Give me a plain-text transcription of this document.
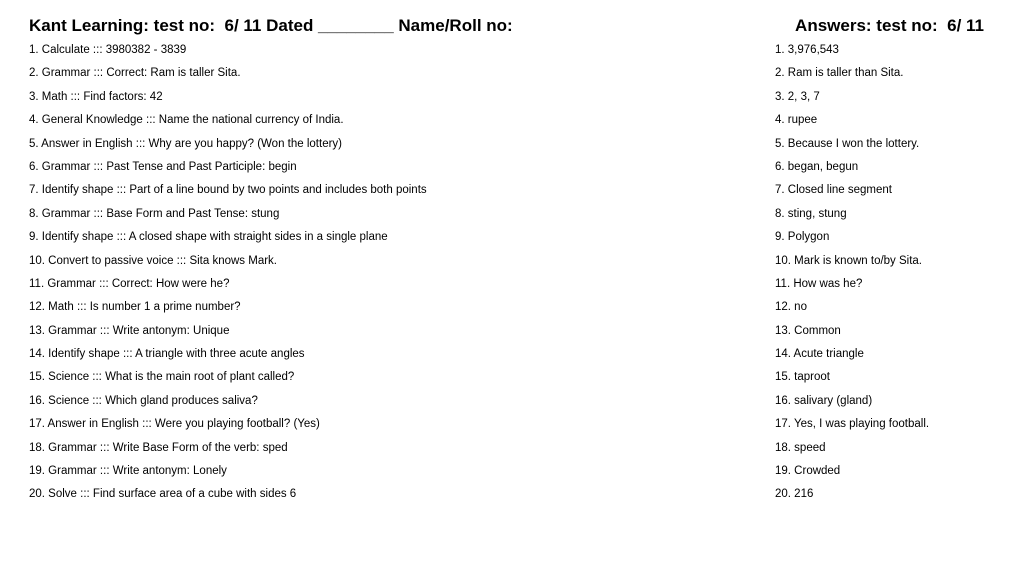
Kant Learning: test no:  6/ 11 Dated ________ Name/Roll no:	Answers: test no:  6/ 11
1. Calculate ::: 3980382 - 3839
2. Grammar ::: Correct: Ram is taller Sita.
3. Math ::: Find factors: 42
4. General Knowledge ::: Name the national currency of India.
5. Answer in English ::: Why are you happy? (Won the lottery)
6. Grammar ::: Past Tense and Past Participle: begin
7. Identify shape ::: Part of a line bound by two points and includes both points
8. Grammar ::: Base Form and Past Tense: stung
9. Identify shape ::: A closed shape with straight sides in a single plane
10. Convert to passive voice ::: Sita knows Mark.
11. Grammar ::: Correct: How were he?
12. Math ::: Is number 1 a prime number?
13. Grammar ::: Write antonym: Unique
14. Identify shape ::: A triangle with three acute angles
15. Science ::: What is the main root of plant called?
16. Science ::: Which gland produces saliva?
17. Answer in English ::: Were you playing football? (Yes)
18. Grammar ::: Write Base Form of the verb: sped
19. Grammar ::: Write antonym: Lonely
20. Solve ::: Find surface area of a cube with sides 6
1. 3,976,543
2. Ram is taller than Sita.
3. 2, 3, 7
4. rupee
5. Because I won the lottery.
6. began, begun
7. Closed line segment
8. sting, stung
9. Polygon
10. Mark is known to/by Sita.
11. How was he?
12. no
13. Common
14. Acute triangle
15. taproot
16. salivary (gland)
17. Yes, I was playing football.
18. speed
19. Crowded
20. 216
